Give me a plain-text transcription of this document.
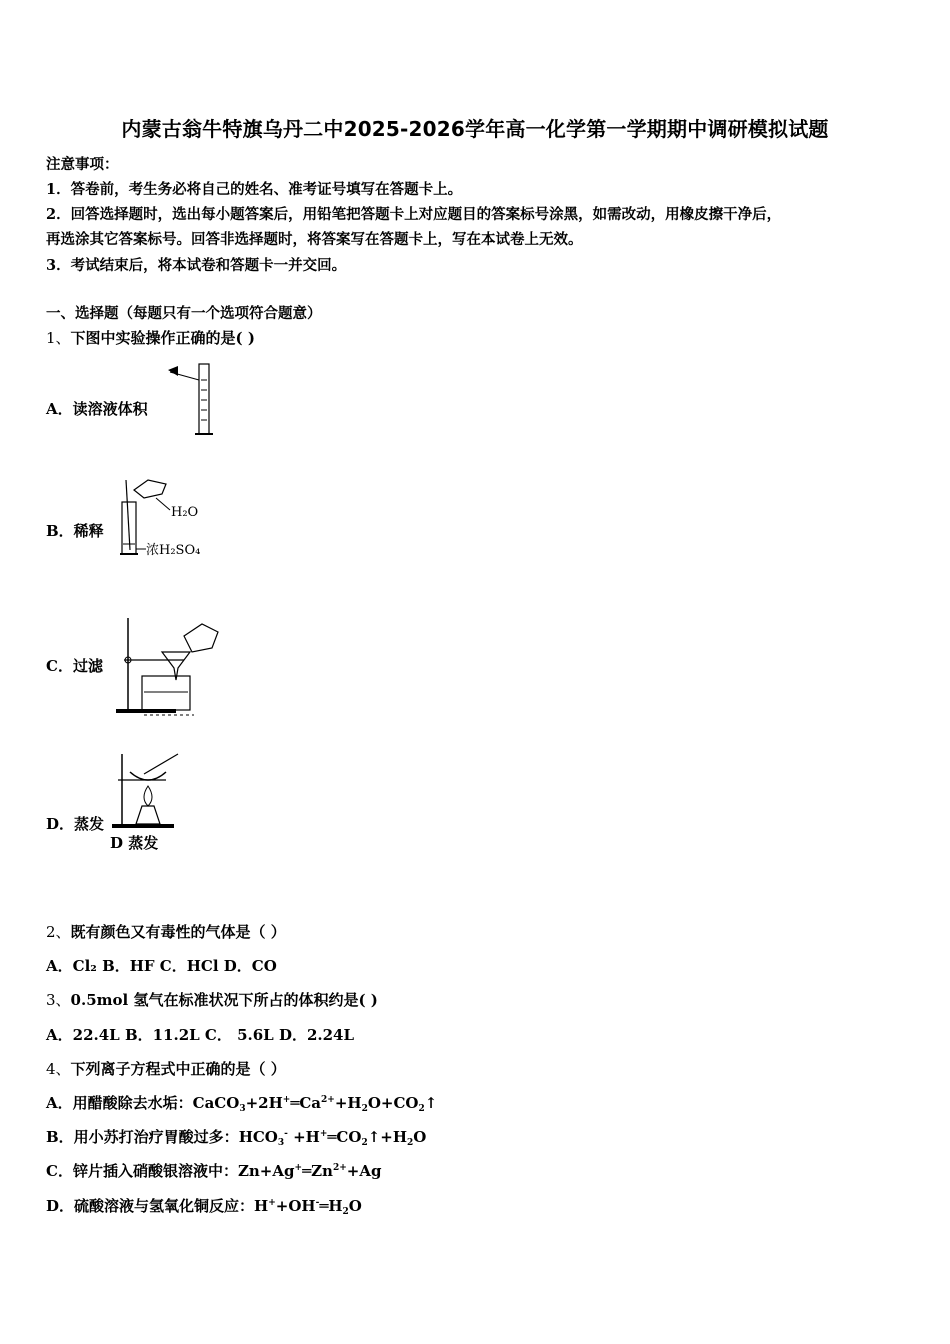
内蒙古翁牛特旗乌丹二中2025-2026学年高一化学第一学期期中调研模拟试题
注意事项：
1．答卷前，考生务必将自己的姓名、准考证号填写在答题卡上。
2．回答选择题时，选出每小题答案后，用铅笔把答题卡上对应题目的答案标号涂黑，如需改动，用橡皮擦干净后，
再选涂其它答案标号。回答非选择题时，将答案写在答题卡上，写在本试卷上无效。
3．考试结束后，将本试卷和答题卡一并交回。
一、选择题（每题只有一个选项符合题意）
1、下图中实验操作正确的是( )
A．读溶液体积
B．稀释
H₂O
浓H₂SO₄
C．过滤
D．蒸发
D 蒸发
2、既有颜色又有毒性的气体是（ ）
A．Cl₂ B．HF C．HCl D．CO
3、0.5mol 氢气在标准状况下所占的体积约是( )
A．22.4L B．11.2L C． 5.6L D．2.24L
4、下列离子方程式中正确的是（ ）
A．用醋酸除去水垢：$CaCO_3+2H^+═Ca^{2+}+H_2O+CO_2↑$
B．用小苏打治疗胃酸过多：$HCO_3^-$ $+H^+═CO_2↑+H_2O$
C．锌片插入硝酸银溶液中：$Zn+Ag^+═Zn^{2+}+Ag$
D．硫酸溶液与氢氧化铜反应：$H^++OH^-═H_2O$
